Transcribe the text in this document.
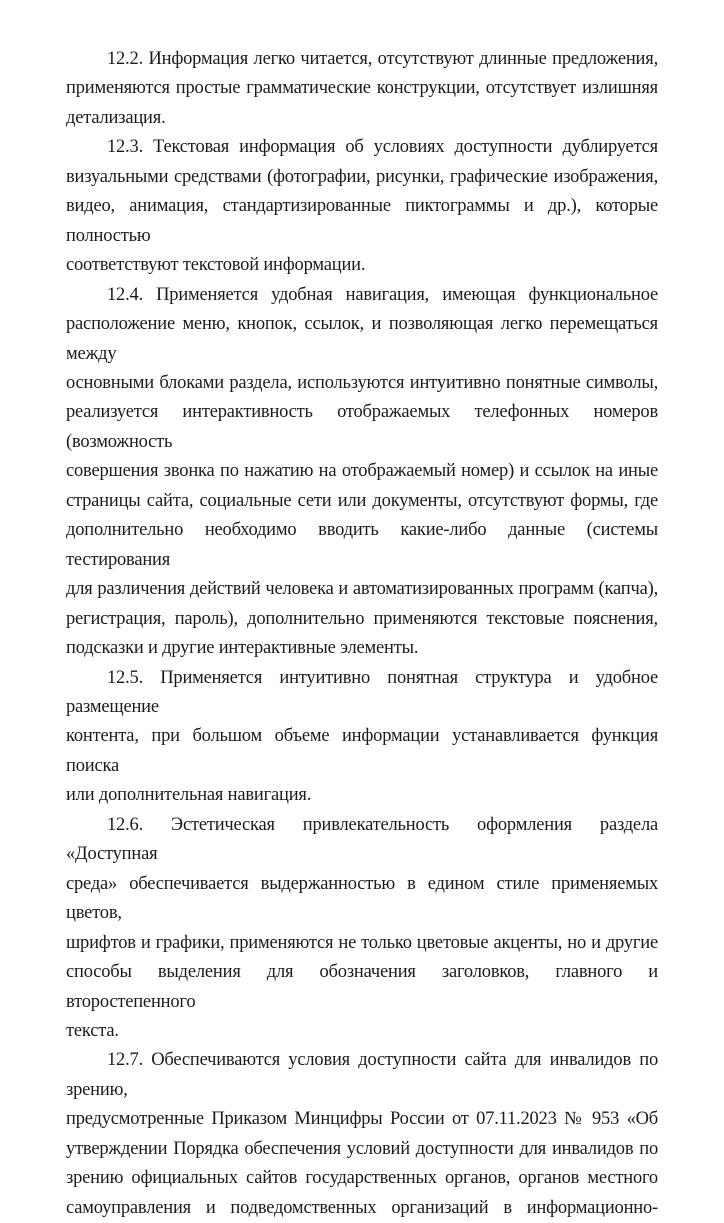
12.2. Информация легко читается, отсутствуют длинные предложения,
применяются простые грамматические конструкции, отсутствует излишняя
детализация.
12.3. Текстовая информация об условиях доступности дублируется
визуальными средствами (фотографии, рисунки, графические изображения,
видео, анимация, стандартизированные пиктограммы и др.), которые полностью
соответствуют текстовой информации.
12.4. Применяется удобная навигация, имеющая функциональное
расположение меню, кнопок, ссылок, и позволяющая легко перемещаться между
основными блоками раздела, используются интуитивно понятные символы,
реализуется интерактивность отображаемых телефонных номеров (возможность
совершения звонка по нажатию на отображаемый номер) и ссылок на иные
страницы сайта, социальные сети или документы, отсутствуют формы, где
дополнительно необходимо вводить какие-либо данные (системы тестирования
для различения действий человека и автоматизированных программ (капча),
регистрация, пароль), дополнительно применяются текстовые пояснения,
подсказки и другие интерактивные элементы.
12.5. Применяется интуитивно понятная структура и удобное размещение
контента, при большом объеме информации устанавливается функция поиска
или дополнительная навигация.
12.6. Эстетическая привлекательность оформления раздела «Доступная
среда» обеспечивается выдержанностью в едином стиле применяемых цветов,
шрифтов и графики, применяются не только цветовые акценты, но и другие
способы выделения для обозначения заголовков, главного и второстепенного
текста.
12.7. Обеспечиваются условия доступности сайта для инвалидов по зрению,
предусмотренные Приказом Минцифры России от 07.11.2023 № 953 «Об
утверждении Порядка обеспечения условий доступности для инвалидов по
зрению официальных сайтов государственных органов, органов местного
самоуправления и подведомственных организаций в информационно-
